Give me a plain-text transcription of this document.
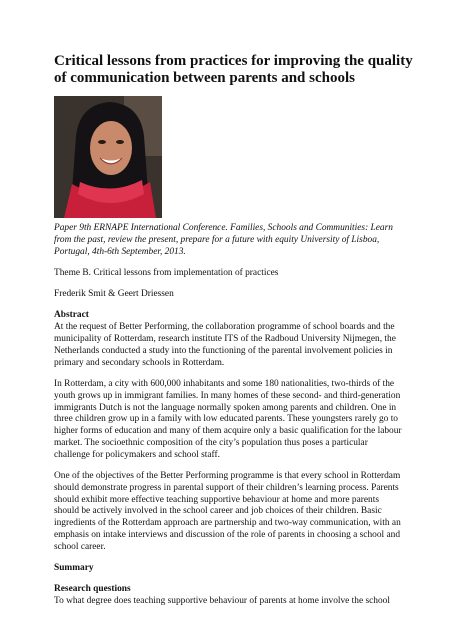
Critical lessons from practices for improving the quality of communication between parents and schools

Paper 9th ERNAPE International Conference. Families, Schools and Communities: Learn from the past, review the present, prepare for a future with equity University of Lisboa, Portugal, 4th-6th September, 2013.

Theme B. Critical lessons from implementation of practices

Frederik Smit & Geert Driessen

Abstract

At the request of Better Performing, the collaboration programme of school boards and the municipality of Rotterdam, research institute ITS of the Radboud University Nijmegen, the Netherlands conducted a study into the functioning of the parental involvement policies in primary and secondary schools in Rotterdam.

In Rotterdam, a city with 600,000 inhabitants and some 180 nationalities, two-thirds of the youth grows up in immigrant families. In many homes of these second- and third-generation immigrants Dutch is not the language normally spoken among parents and children. One in three children grow up in a family with low educated parents. These youngsters rarely go to higher forms of education and many of them acquire only a basic qualification for the labour market. The socioethnic composition of the city’s population thus poses a particular challenge for policymakers and school staff.

One of the objectives of the Better Performing programme is that every school in Rotterdam should demonstrate progress in parental support of their children’s learning process. Parents should exhibit more effective teaching supportive behaviour at home and more parents should be actively involved in the school career and job choices of their children. Basic ingredients of the Rotterdam approach are partnership and two-way communication, with an emphasis on intake interviews and discussion of the role of parents in choosing a school and school career.

Summary

Research questions

To what degree does teaching supportive behaviour of parents at home involve the school
